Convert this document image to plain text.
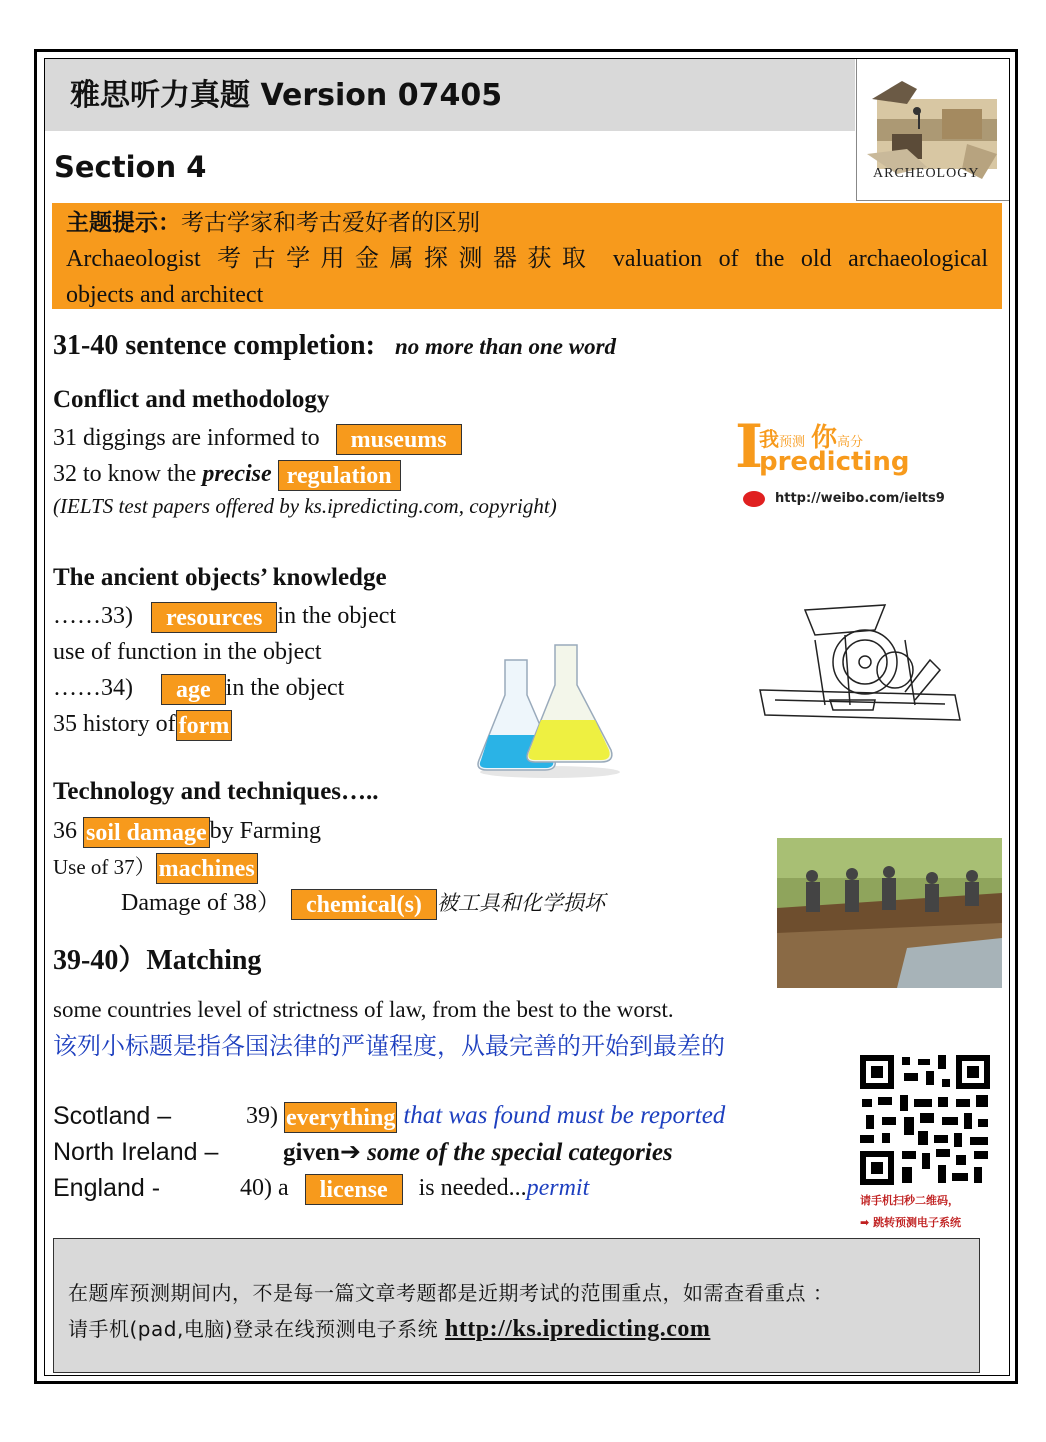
雅思听力真题 Version 07405
ARCHEOLOGY
Section 4
主题提示：考古学家和考古爱好者的区别
Archaeologist 考古学用金属探测器获取 valuation of the old archaeological
objects and architect
31-40 sentence completion: no more than one word
Conflict and methodology
31 diggings are informed to museums
32 to know the precise regulation
(IELTS test papers offered by ks.ipredicting.com, copyright)
I
我预测 你高分
predicting
http://weibo.com/ielts9
The ancient objects’ knowledge
……33) resources in the object
use of function in the object
……34) age in the object
35 history of form
Technology and techniques…..
36 soil damage by Farming
Use of 37） machines
Damage of 38） chemical(s) 被工具和化学损坏
39-40）Matching
some countries level of strictness of law, from the best to the worst.
该列小标题是指各国法律的严谨程度，从最完善的开始到最差的
Scotland –	39) everything that was found must be reported
North Ireland –	given➔ some of the special categories
England -	40) a license is needed...permit	请手机扫秒二维码，
➡ 跳转预测电子系统
在题库预测期间内，不是每一篇文章考题都是近期考试的范围重点，如需查看重点 ：
请手机(pad,电脑)登录在线预测电子系统 http://ks.ipredicting.com
